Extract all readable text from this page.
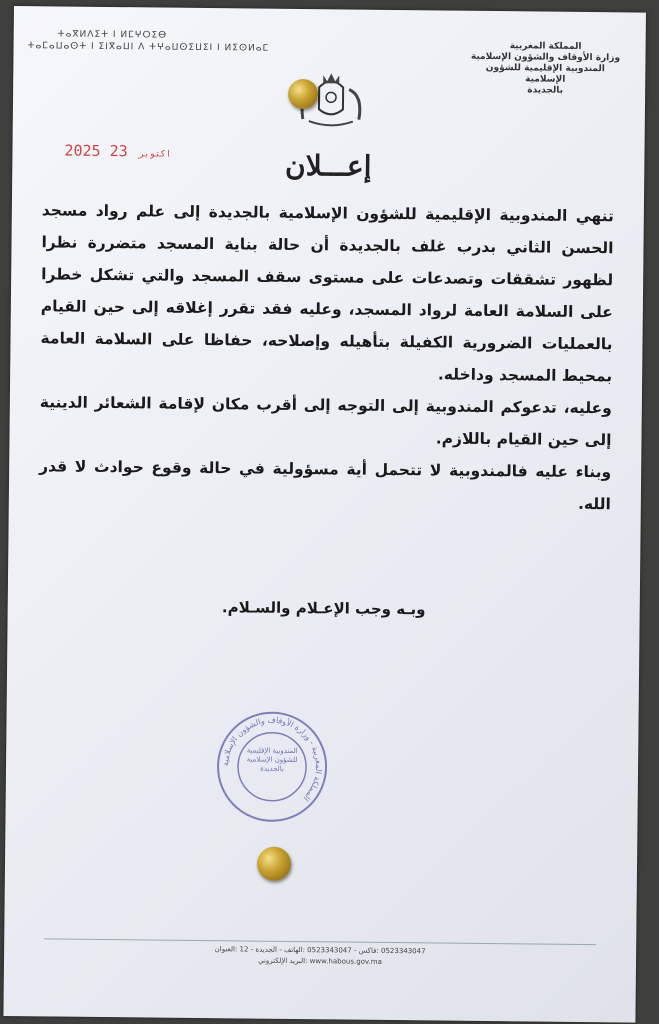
ⵜⴰⴳⵍⴷⵉⵜ ⵏ ⵍⵎⵖⵔⵉⴱ
ⵜⴰⵎⴰⵡⴰⵙⵜ ⵏ ⵉⵏⴳⴰⵡⵏ ⴷ ⵜⵖⴰⵡⵙⵉⵡⵉⵏ ⵏ ⵍⵉⵙⵍⴰⵎ	المملكة المغربية
وزارة الأوقاف والشؤون الإسلامية
المندوبية الإقليمية للشؤون الإسلامية
بالجديدة
2025	اكتوبر 23	إعـــلان

تنهي المندوبية الإقليمية للشؤون الإسلامية بالجديدة إلى علم رواد مسجد الحسن الثاني بدرب غلف بالجديدة أن حالة بناية المسجد متضررة نظرا لظهور تشققات وتصدعات على مستوى سقف المسجد والتي تشكل خطرا على السلامة العامة لرواد المسجد، وعليه فقد تقرر إغلاقه إلى حين القيام بالعمليات الضرورية الكفيلة بتأهيله وإصلاحه، حفاظا على السلامة العامة بمحيط المسجد وداخله.

وعليه، تدعوكم المندوبية إلى التوجه إلى أقرب مكان لإقامة الشعائر الدينية إلى حين القيام باللازم.

وبناء عليه فالمندوبية لا تتحمل أية مسؤولية في حالة وقوع حوادث لا قدر الله.

وبـه وجب الإعـلام والسـلام.
المملكة المغربية - وزارة الأوقاف والشؤون الإسلامية
المندوبية الإقليمية للشؤون الإسلامية بالجديدة
0523343047 :فاكس - 0523343047 :الهاتف - الجديدة - 12 :العنوان
www.habous.gov.ma :البريد الإلكتروني
